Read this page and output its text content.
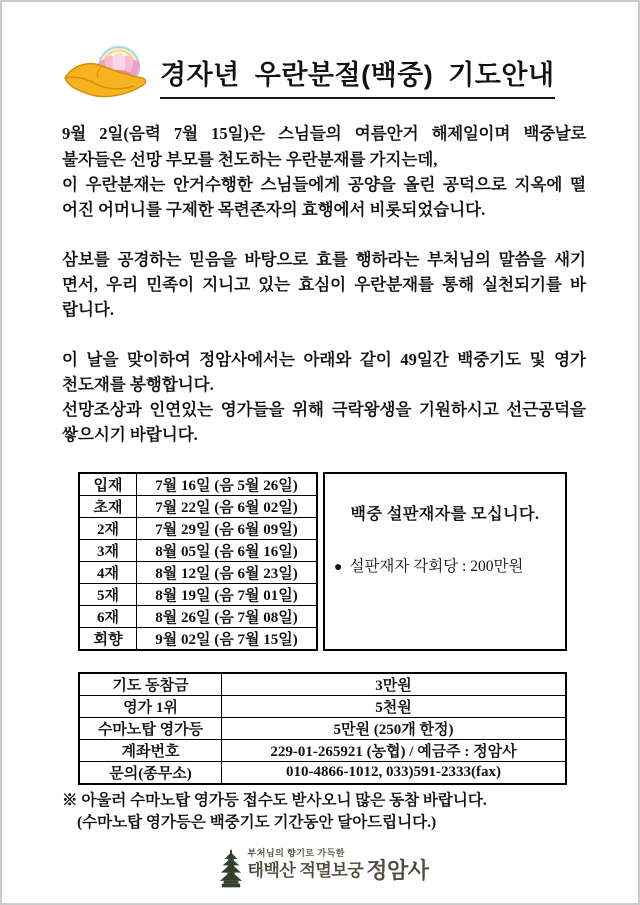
경자년 우란분절(백중) 기도안내
9월 2일(음력 7월 15일)은 스님들의 여름안거 해제일이며 백중날로
불자들은 선망 부모를 천도하는 우란분재를 가지는데,
이 우란분재는 안거수행한 스님들에게 공양을 올린 공덕으로 지옥에 떨
어진 어머니를 구제한 목련존자의 효행에서 비롯되었습니다.
삼보를 공경하는 믿음을 바탕으로 효를 행하라는 부처님의 말씀을 새기
면서, 우리 민족이 지니고 있는 효심이 우란분재를 통해 실천되기를 바
랍니다.
이 날을 맞이하여 정암사에서는 아래와 같이 49일간 백중기도 및 영가
천도재를 봉행합니다.
선망조상과 인연있는 영가들을 위해 극락왕생을 기원하시고 선근공덕을
쌓으시기 바랍니다.
입재	7월 16일 (음 5월 26일)
초재	7월 22일 (음 6월 02일)
2재	7월 29일 (음 6월 09일)
3재	8월 05일 (음 6월 16일)
4재	8월 12일 (음 6월 23일)
5재	8월 19일 (음 7월 01일)
6재	8월 26일 (음 7월 08일)
회향	9월 02일 (음 7월 15일)
백중 설판재자를 모십니다.
● 설판재자 각회당 : 200만원
기도 동참금	3만원
영가 1위	5천원
수마노탑 영가등	5만원 (250개 한정)
계좌번호	229-01-265921 (농협) / 예금주 : 정암사
문의(종무소)	010-4866-1012, 033)591-2333(fax)
※ 아울러 수마노탑 영가등 접수도 받사오니 많은 동참 바랍니다.
(수마노탑 영가등은 백중기도 기간동안 달아드립니다.)
부처님의 향기로 가득한
태백산 적멸보궁 정암사
